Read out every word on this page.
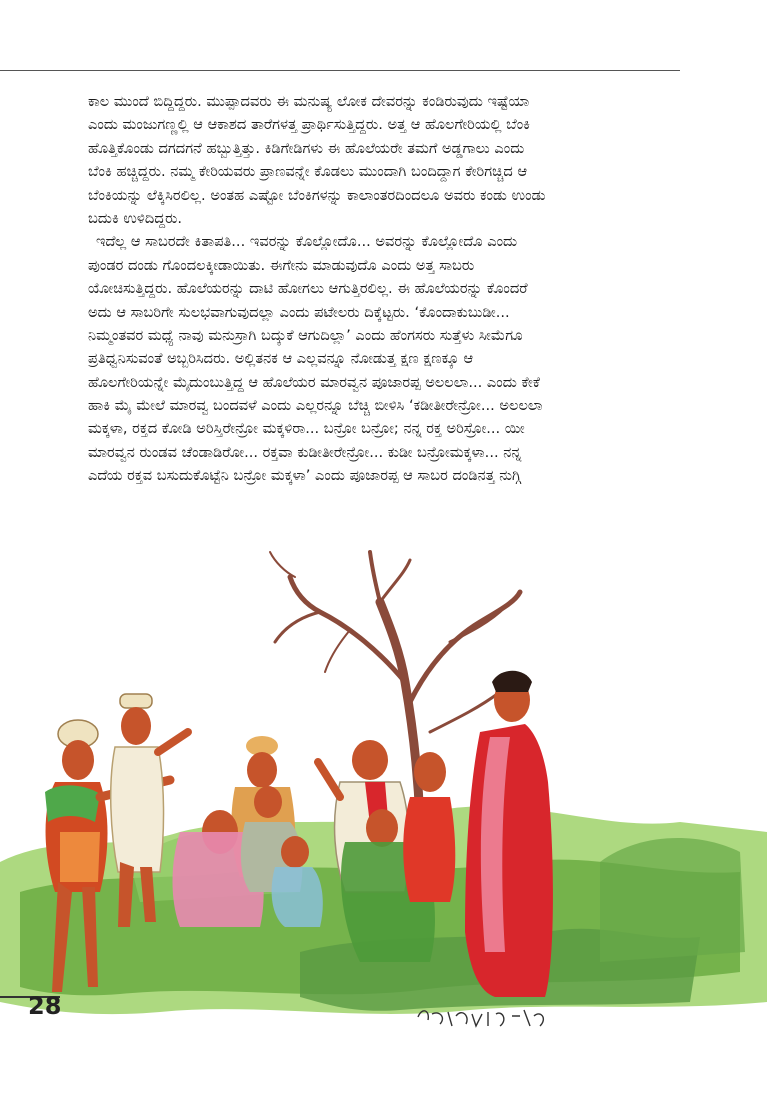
ಕಾಲ ಮುಂದೆ ಬಿದ್ದಿದ್ದರು. ಮುಪ್ಪಾದವರು ಈ ಮನುಷ್ಯ ಲೋಕ ದೇವರನ್ನು ಕಂಡಿರುವುದು ಇಷ್ಟೆಯಾ
ಎಂದು ಮಂಜುಗಣ್ಣಲ್ಲಿ ಆ ಆಕಾಶದ ತಾರೆಗಳತ್ತ ಪ್ರಾರ್ಥಿಸುತ್ತಿದ್ದರು. ಅತ್ತ ಆ ಹೊಲಗೇರಿಯಲ್ಲಿ ಬೆಂಕಿ
ಹೊತ್ತಿಕೊಂಡು ದಗದಗನೆ ಹಬ್ಬುತ್ತಿತ್ತು. ಕಿಡಿಗೇಡಿಗಳು ಈ ಹೊಲೆಯರೇ ತಮಗೆ ಅಡ್ಡಗಾಲು ಎಂದು
ಬೆಂಕಿ ಹಚ್ಚಿದ್ದರು. ನಮ್ಮ ಕೇರಿಯವರು ಪ್ರಾಣವನ್ನೇ ಕೊಡಲು ಮುಂದಾಗಿ ಬಂದಿದ್ದಾಗ ಕೇರಿಗಚ್ಚಿದ ಆ
ಬೆಂಕಿಯನ್ನು ಲೆಕ್ಕಿಸಿರಲಿಲ್ಲ. ಅಂತಹ ಎಷ್ಟೋ ಬೆಂಕಿಗಳನ್ನು ಕಾಲಾಂತರದಿಂದಲೂ ಅವರು ಕಂಡು ಉಂಡು
ಬದುಕಿ ಉಳಿದಿದ್ದರು.
ಇದೆಲ್ಲ ಆ ಸಾಬರದೇ ಕಿತಾಪತಿ... ಇವರನ್ನು ಕೊಲ್ಲೋದೊ... ಅವರನ್ನು ಕೊಲ್ಲೋದೊ ಎಂದು
ಪುಂಡರ ದಂಡು ಗೊಂದಲಕ್ಕೀಡಾಯಿತು. ಈಗೇನು ಮಾಡುವುದೊ ಎಂದು ಅತ್ತ ಸಾಬರು
ಯೋಚಿಸುತ್ತಿದ್ದರು. ಹೊಲೆಯರನ್ನು ದಾಟಿ ಹೋಗಲು ಆಗುತ್ತಿರಲಿಲ್ಲ. ಈ ಹೊಲೆಯರನ್ನು ಕೊಂದರೆ
ಅದು ಆ ಸಾಬರಿಗೇ ಸುಲಭವಾಗುವುದಲ್ಲಾ ಎಂದು ಪಟೇಲರು ದಿಕ್ಕೆಟ್ಟರು. ‘ಕೊಂದಾಕುಬುಡೀ...
ನಿಮ್ಮಂತವರ ಮಧ್ಯೆ ನಾವು ಮನುಸ್ರಾಗಿ ಬದ್ಕುಕೆ ಆಗುದಿಲ್ಲಾ’ ಎಂದು ಹೆಂಗಸರು ಸುತ್ತೆಳು ಸೀಮೆಗೂ
ಪ್ರತಿಧ್ವನಿಸುವಂತೆ ಅಬ್ಬರಿಸಿದರು. ಅಲ್ಲಿತನಕ ಆ ಎಲ್ಲವನ್ನೂ ನೋಡುತ್ತ ಕ್ಷಣ ಕ್ಷಣಕ್ಕೂ ಆ
ಹೊಲಗೇರಿಯನ್ನೇ ಮೈದುಂಬುತ್ತಿದ್ದ ಆ ಹೊಲೆಯರ ಮಾರವ್ವನ ಪೂಜಾರಪ್ಪ ಅಲಲಲಾ... ಎಂದು ಕೇಕೆ
ಹಾಕಿ ಮೈ ಮೇಲೆ ಮಾರವ್ವ ಬಂದವಳೆ ಎಂದು ಎಲ್ಲರನ್ನೂ ಬೆಚ್ಚಿ ಬೀಳಿಸಿ ‘ಕಡೀತೀರೇನ್ರೋ... ಅಲಲಲಾ
ಮಕ್ಕಳಾ, ರಕ್ತದ ಕೋಡಿ ಅರಿಸ್ತಿರೇನ್ರೋ ಮಕ್ಕಳಿರಾ... ಬನ್ರೋ ಬನ್ರೋ; ನನ್ನ ರಕ್ತ ಅರಿಸ್ರೋ... ಯೀ
ಮಾರವ್ವನ ರುಂಡವ ಚೆಂಡಾಡಿರೋ... ರಕ್ತವಾ ಕುಡೀತೀರೇನ್ರೋ... ಕುಡೀ ಬನ್ರೋಮಕ್ಕಳಾ... ನನ್ನ
ಎದೆಯ ರಕ್ತವ ಬಸುದುಕೊಟ್ಟೆನಿ ಬನ್ರೋ ಮಕ್ಕಳಾ’ ಎಂದು ಪೂಜಾರಪ್ಪ ಆ ಸಾಬರ ದಂಡಿನತ್ತ ನುಗ್ಗಿ
28
